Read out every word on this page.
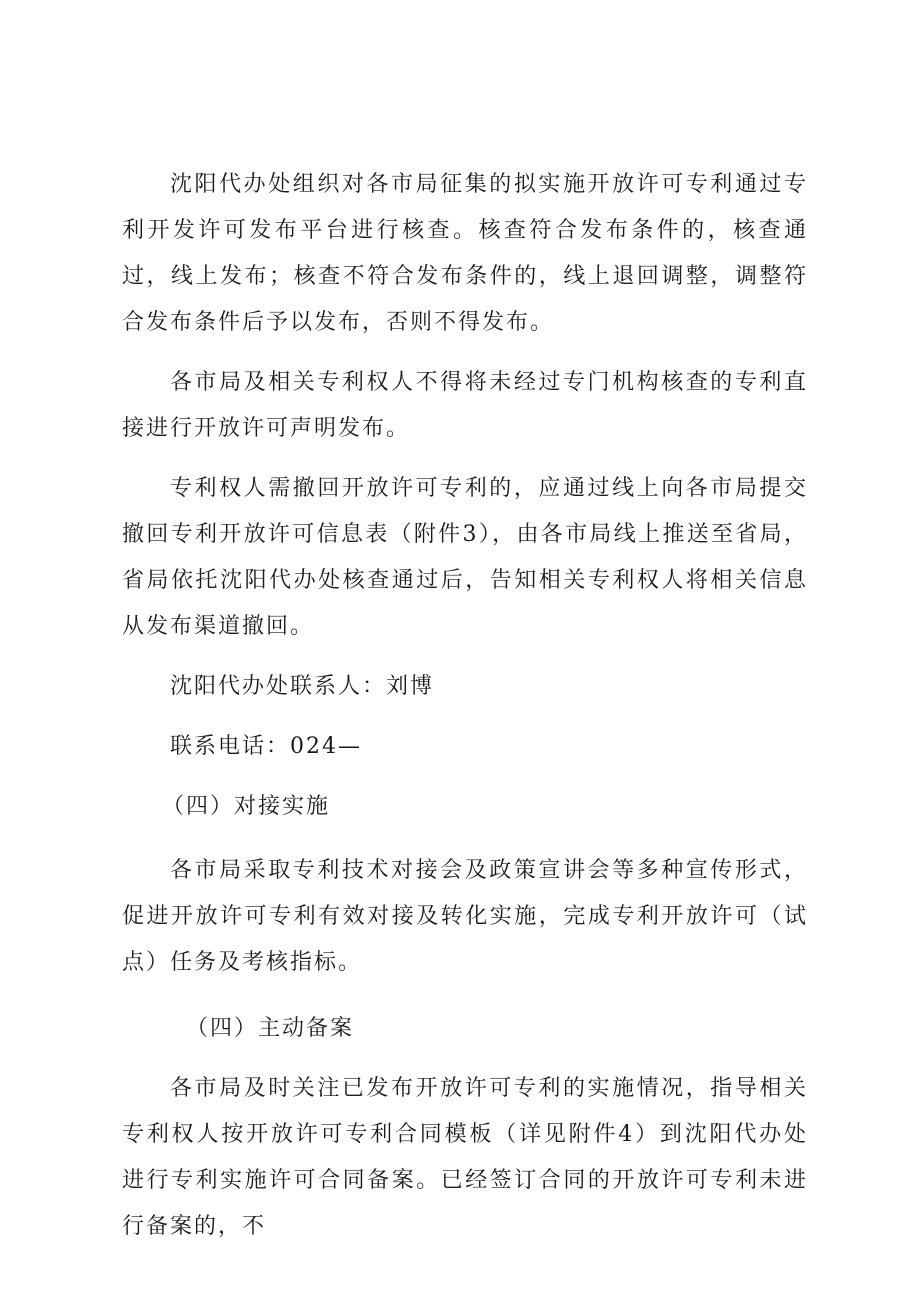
沈阳代办处组织对各市局征集的拟实施开放许可专利通过专利开发许可发布平台进行核查。核查符合发布条件的，核查通过，线上发布；核查不符合发布条件的，线上退回调整，调整符合发布条件后予以发布，否则不得发布。

各市局及相关专利权人不得将未经过专门机构核查的专利直接进行开放许可声明发布。

专利权人需撤回开放许可专利的，应通过线上向各市局提交撤回专利开放许可信息表（附件3），由各市局线上推送至省局，省局依托沈阳代办处核查通过后，告知相关专利权人将相关信息从发布渠道撤回。

沈阳代办处联系人：刘博

联系电话：024—

（四）对接实施

各市局采取专利技术对接会及政策宣讲会等多种宣传形式，促进开放许可专利有效对接及转化实施，完成专利开放许可（试点）任务及考核指标。

（四）主动备案

各市局及时关注已发布开放许可专利的实施情况，指导相关专利权人按开放许可专利合同模板（详见附件4）到沈阳代办处进行专利实施许可合同备案。已经签订合同的开放许可专利未进行备案的，不
